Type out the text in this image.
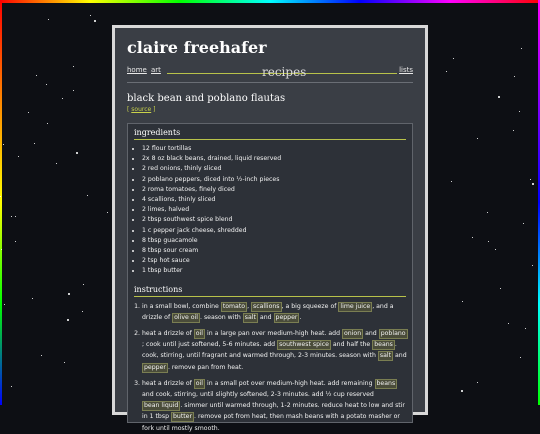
claire freehafer
home art	recipes	lists
black bean and poblano flautas
[ source ]
ingredients
• 12 flour tortillas
• 2x 8 oz black beans, drained, liquid reserved
• 2 red onions, thinly sliced
• 2 poblano peppers, diced into ½-inch pieces
• 2 roma tomatoes, finely diced
• 4 scallions, thinly sliced
• 2 limes, halved
• 2 tbsp southwest spice blend
• 1 c pepper jack cheese, shredded
• 8 tbsp guacamole
• 8 tbsp sour cream
• 2 tsp hot sauce
• 1 tbsp butter
instructions
1. in a small bowl, combine tomato , scallions , a big squeeze of lime juice , and a drizzle of olive oil . season with salt and pepper .
2. heat a drizzle of oil in a large pan over medium-high heat. add onion and poblano; cook until just softened, 5-6 minutes. add southwest spice and half the beans . cook, stirring, until fragrant and warmed through, 2-3 minutes. season with salt and pepper . remove pan from heat.
3. heat a drizzle of oil in a small pot over medium-high heat. add remaining beans and cook, stirring, until slightly softened, 2-3 minutes. add ½ cup reserved bean liquid . simmer until warmed through, 1-2 minutes. reduce heat to low and stir in 1 tbsp butter . remove pot from heat, then mash beans with a potato masher or fork until mostly smooth.
